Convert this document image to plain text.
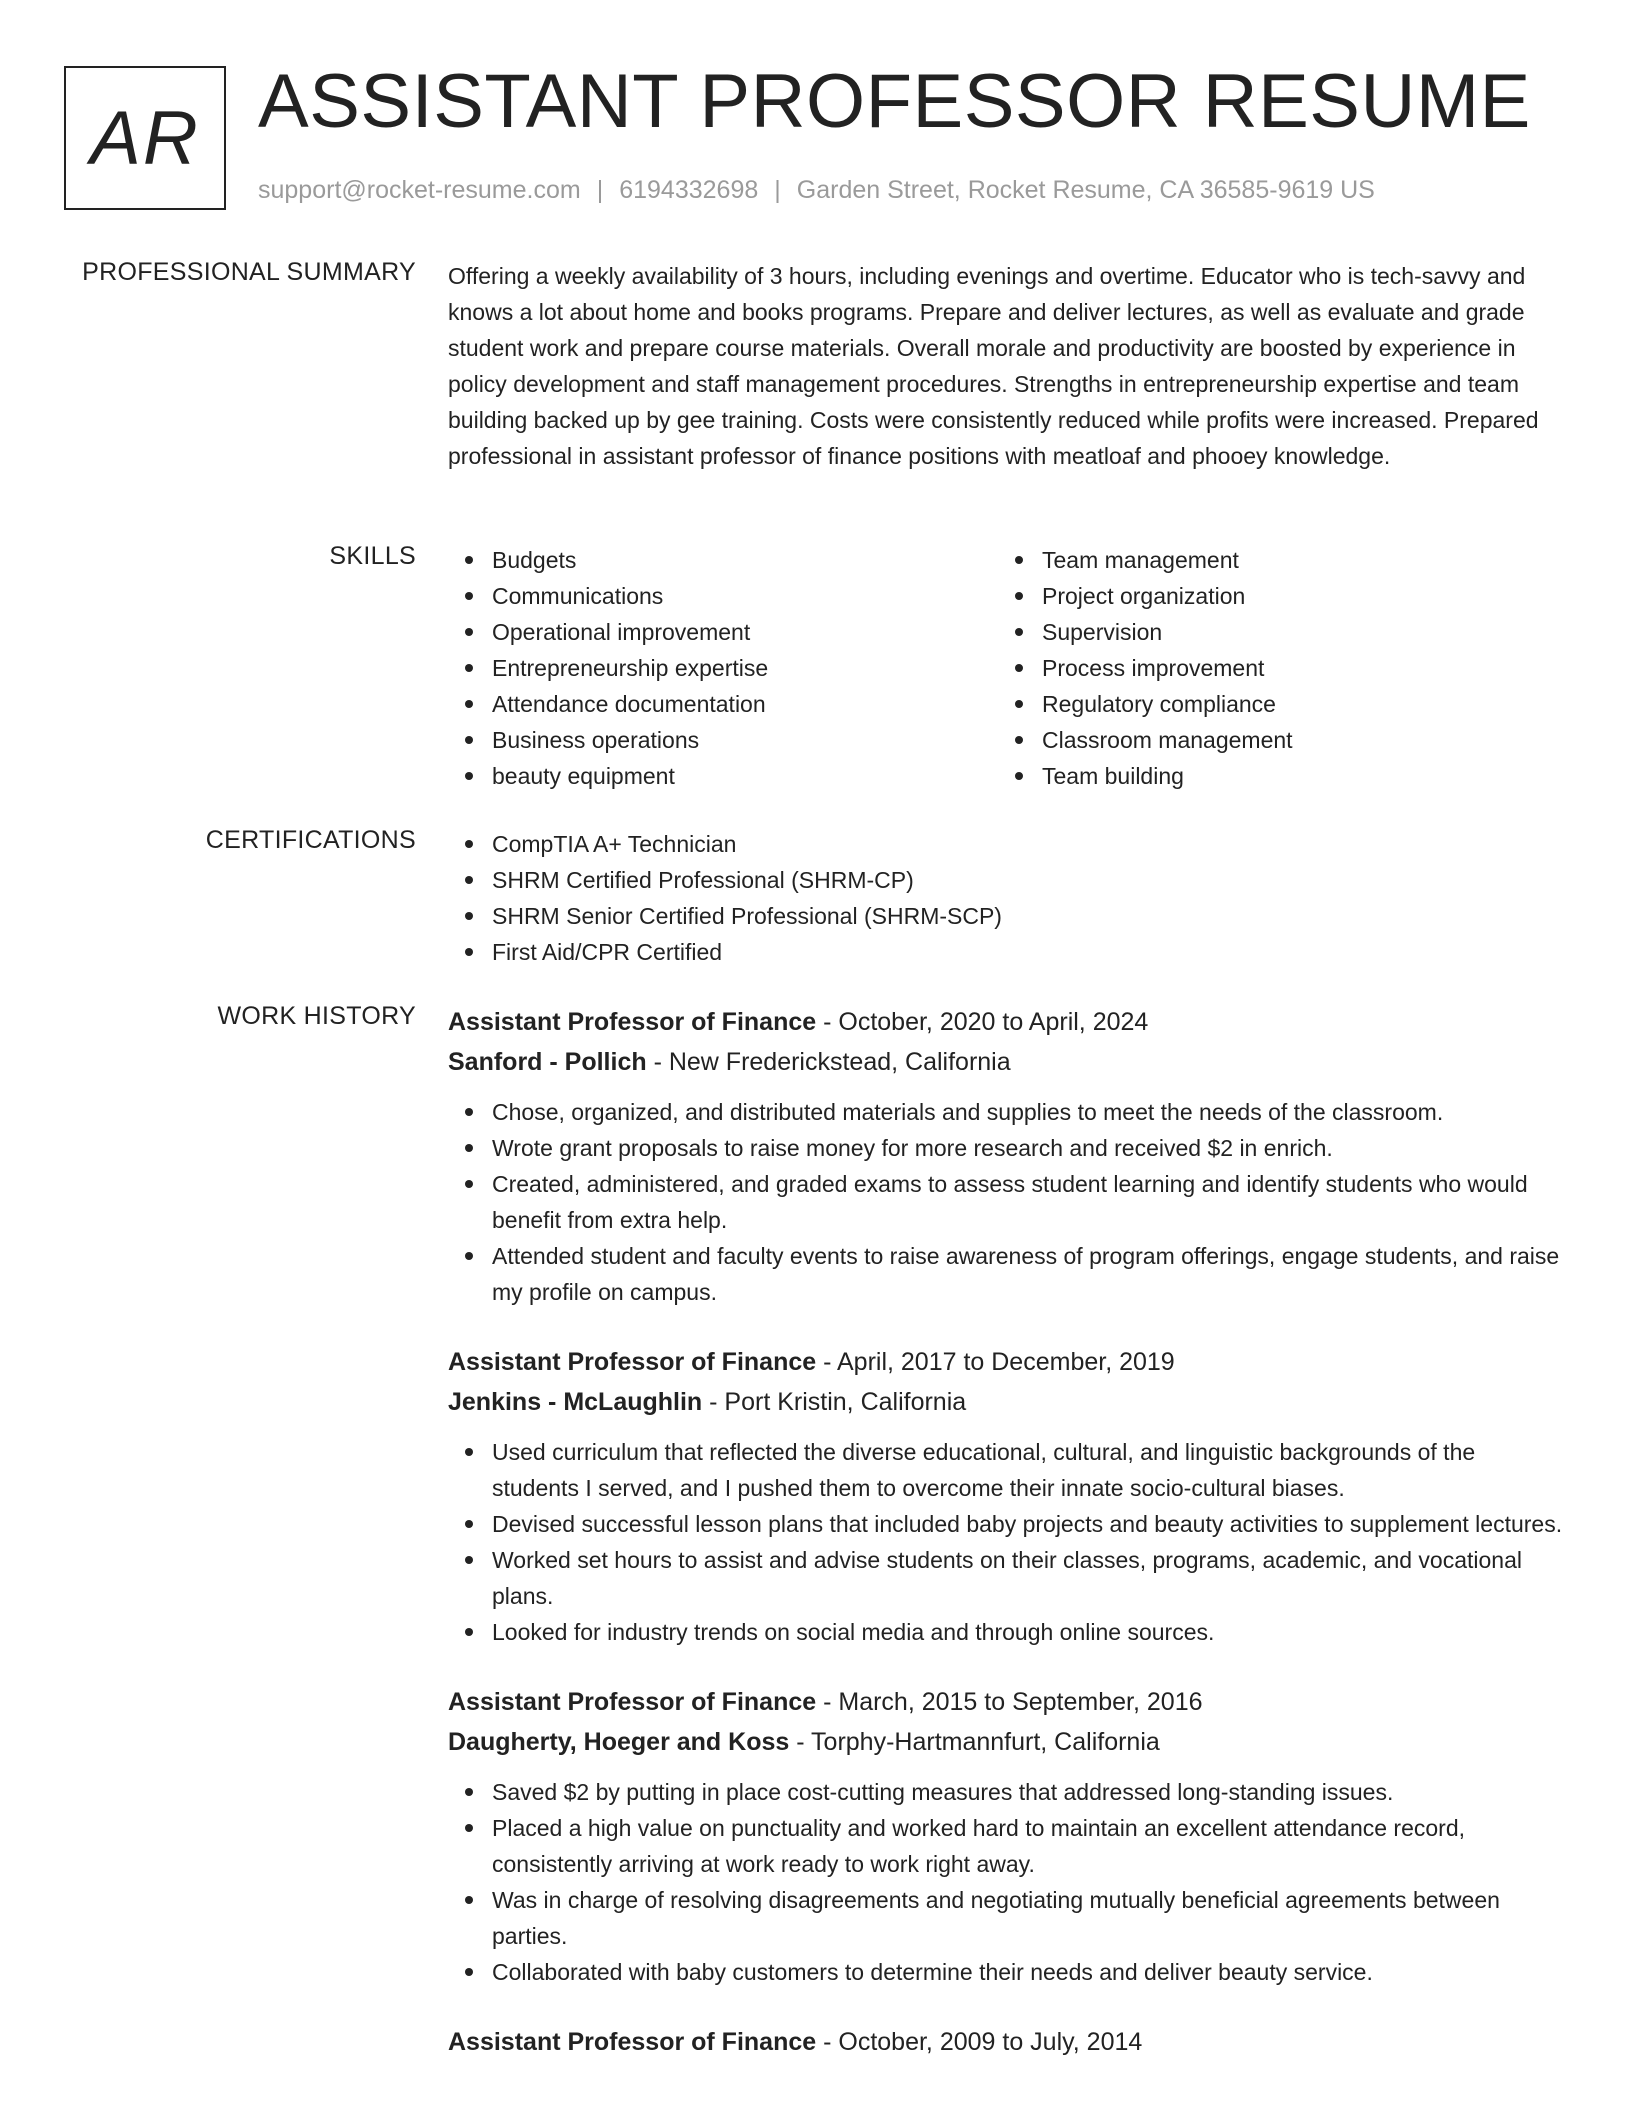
AR ASSISTANT PROFESSOR RESUME
support@rocket-resume.com | 6194332698 | Garden Street, Rocket Resume, CA 36585-9619 US
PROFESSIONAL SUMMARY Offering a weekly availability of 3 hours, including evenings and overtime. Educator who is tech-savvy and knows a lot about home and books programs. Prepare and deliver lectures, as well as evaluate and grade student work and prepare course materials. Overall morale and productivity are boosted by experience in policy development and staff management procedures. Strengths in entrepreneurship expertise and team building backed up by gee training. Costs were consistently reduced while profits were increased. Prepared professional in assistant professor of finance positions with meatloaf and phooey knowledge.
SKILLS	Budgets
Communications
Operational improvement
Entrepreneurship expertise
Attendance documentation
Business operations
beauty equipment
Team management
Project organization
Supervision
Process improvement
Regulatory compliance
Classroom management
Team building
CERTIFICATIONS	CompTIA A+ Technician
SHRM Certified Professional (SHRM-CP)
SHRM Senior Certified Professional (SHRM-SCP)
First Aid/CPR Certified
WORK HISTORY Assistant Professor of Finance - October, 2020 to April, 2024
Sanford - Pollich - New Frederickstead, California
Chose, organized, and distributed materials and supplies to meet the needs of the classroom.
Wrote grant proposals to raise money for more research and received $2 in enrich.
Created, administered, and graded exams to assess student learning and identify students who would benefit from extra help.
Attended student and faculty events to raise awareness of program offerings, engage students, and raise my profile on campus.
Assistant Professor of Finance - April, 2017 to December, 2019
Jenkins - McLaughlin - Port Kristin, California
Used curriculum that reflected the diverse educational, cultural, and linguistic backgrounds of the students I served, and I pushed them to overcome their innate socio-cultural biases.
Devised successful lesson plans that included baby projects and beauty activities to supplement lectures.
Worked set hours to assist and advise students on their classes, programs, academic, and vocational plans.
Looked for industry trends on social media and through online sources.
Assistant Professor of Finance - March, 2015 to September, 2016
Daugherty, Hoeger and Koss - Torphy-Hartmannfurt, California
Saved $2 by putting in place cost-cutting measures that addressed long-standing issues.
Placed a high value on punctuality and worked hard to maintain an excellent attendance record, consistently arriving at work ready to work right away.
Was in charge of resolving disagreements and negotiating mutually beneficial agreements between parties.
Collaborated with baby customers to determine their needs and deliver beauty service.
Assistant Professor of Finance - October, 2009 to July, 2014
